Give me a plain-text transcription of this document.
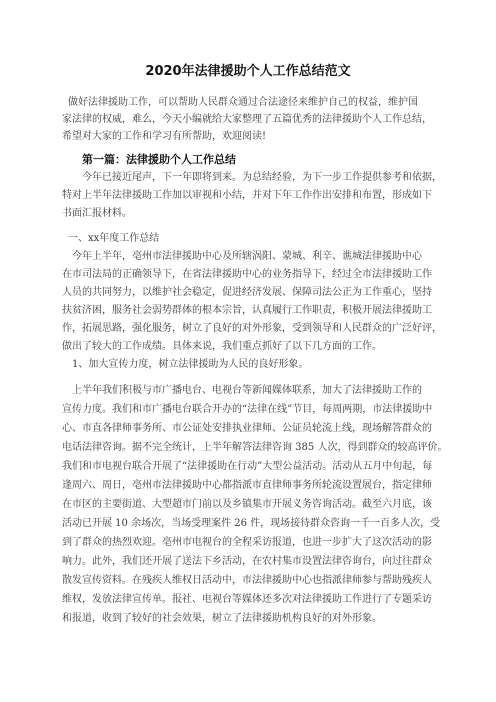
2020年法律援助个人工作总结范文
做好法律援助工作，可以帮助人民群众通过合法途径来维护自己的权益，维护国
家法律的权威，难么，今天小编就给大家整理了五篇优秀的法律援助个人工作总结，
希望对大家的工作和学习有所帮助，欢迎阅读!
第一篇：法律援助个人工作总结
今年已接近尾声，下一年即将到来。为总结经验，为下一步工作提供参考和依据，
特对上半年法律援助工作加以审视和小结，并对下年工作作出安排和布置，形成如下
书面汇报材料。
一、xx年度工作总结
今年上半年，亳州市法律援助中心及所辖涡阳、蒙城、利辛、谯城法律援助中心
在市司法局的正确领导下，在省法律援助中心的业务指导下，经过全市法律援助工作
人员的共同努力，以维护社会稳定，促进经济发展、保障司法公正为工作重心，坚持
扶贫济困，服务社会弱势群体的根本宗旨，认真履行工作职责，积极开展法律援助工
作，拓展思路，强化服务，树立了良好的对外形象，受到领导和人民群众的广泛好评，
做出了较大的工作成绩。具体来说，我们重点抓好了以下几方面的工作。
1、加大宣传力度，树立法律援助为人民的良好形象。
上半年我们积极与市广播电台、电视台等新闻媒体联系，加大了法律援助工作的
宣传力度。我们和市广播电台联合开办的“法律在线”节目，每周两期，市法律援助中
心、市直各律师事务所、市公证处安排执业律师、公证员轮流上线，现场解答群众的
电话法律咨询。据不完全统计，上半年解答法律咨询 385 人次，得到群众的较高评价。
我们和市电视台联合开展了“法律援助在行动”大型公益活动。活动从五月中旬起，每
逢周六、周日，亳州市法律援助中心都指派市直律师事务所轮流设置展台，指定律师
在市区的主要街道、大型超市门前以及乡镇集市开展义务咨询活动。截至六月底，该
活动已开展 10 余场次，当场受理案件 26 件，现场接待群众咨询一千一百多人次，受
到了群众的热烈欢迎。亳州市电视台的全程采访报道，也进一步扩大了这次活动的影
响力。此外，我们还开展了送法下乡活动，在农村集市设置法律咨询台，向过往群众
散发宣传资料。在残疾人维权日活动中，市法律援助中心也指派律师参与帮助残疾人
维权，发放法律宣传单。报社、电视台等媒体还多次对法律援助工作进行了专题采访
和报道，收到了较好的社会效果，树立了法律援助机构良好的对外形象。
